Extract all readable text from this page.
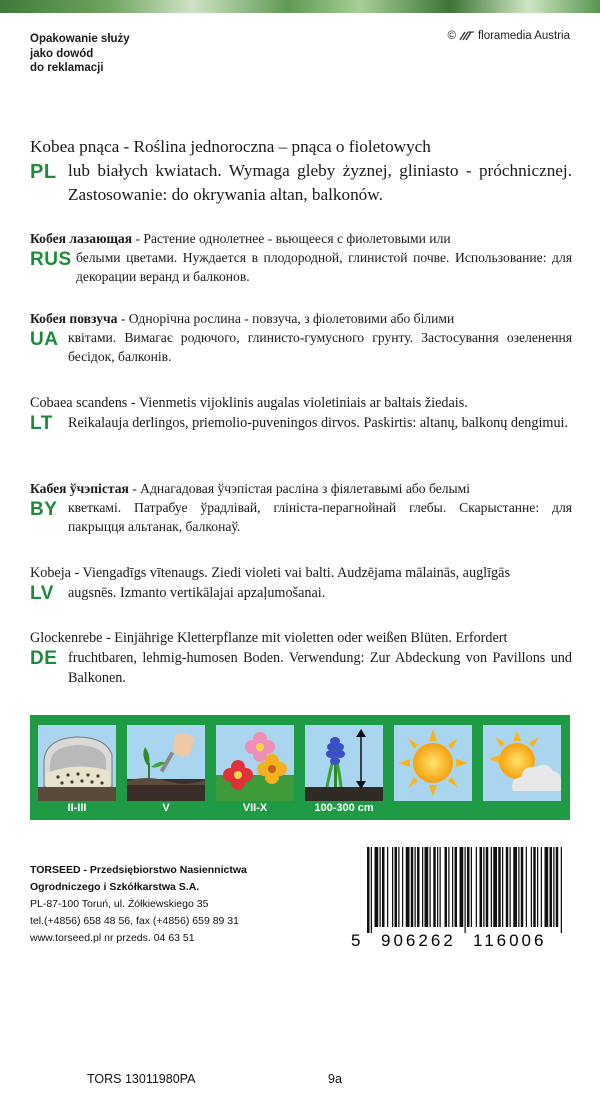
Opakowanie służy
jako dowód
do reklamacji
© floramedia Austria
PL
Kobea pnąca - Roślina jednoroczna – pnąca o fioletowych
lub białych kwiatach. Wymaga gleby żyznej, gliniasto - próchnicznej. Zastosowanie: do okrywania altan, balkonów.
RUS
Кобея лазающая - Растение однолетнее - вьющееся с фиолетовыми или
белыми цветами. Нуждается в плодородной, глинистой почве. Использование: для декорации веранд и балконов.
UA
Кобея повзуча - Однорічна рослина - повзуча, з фіолетовими або білими
квітами. Вимагає родючого, глинисто-гумусного грунту. Застосування озеленення бесідок, балконів.
LT
Cobaea scandens - Vienmetis vijoklinis augalas violetiniais ar baltais žiedais.
Reikalauja derlingos, priemolio-puveningos dirvos. Paskirtis: altanų, balkonų dengimui.
BY
Кабея ўчэпістая - Аднагадовая ўчэпістая расліна з фіялетавымі або белымі
кветкамі. Патрабуе ўрадлівай, гліністa-перагнойнай глебы. Скарыстанне: для пакрыцця альтанак, балконаў.
LV
Kobeja - Viengadīgs vītenaugs. Ziedi violeti vai balti. Audzējama mālainās, auglīgās
augsnēs. Izmanto vertikālajai apzaļumošanai.
DE
Glockenrebe - Einjährige Kletterpflanze mit violetten oder weißen Blüten. Erfordert
fruchtbaren, lehmig-humosen Boden. Verwendung: Zur Abdeckung von Pavillons und Balkonen.
II-III	V	VII-X	100-300 cm
TORSEED - Przedsiębiorstwo Nasiennictwa
Ogrodniczego i Szkółkarstwa S.A.
PL-87-100 Toruń, ul. Żółkiewskiego 35
tel.(+4856) 658 48 56, fax (+4856) 659 89 31
www.torseed.pl nr przeds. 04 63 51	5 906262 116006
TORS 13011980PA	9a
